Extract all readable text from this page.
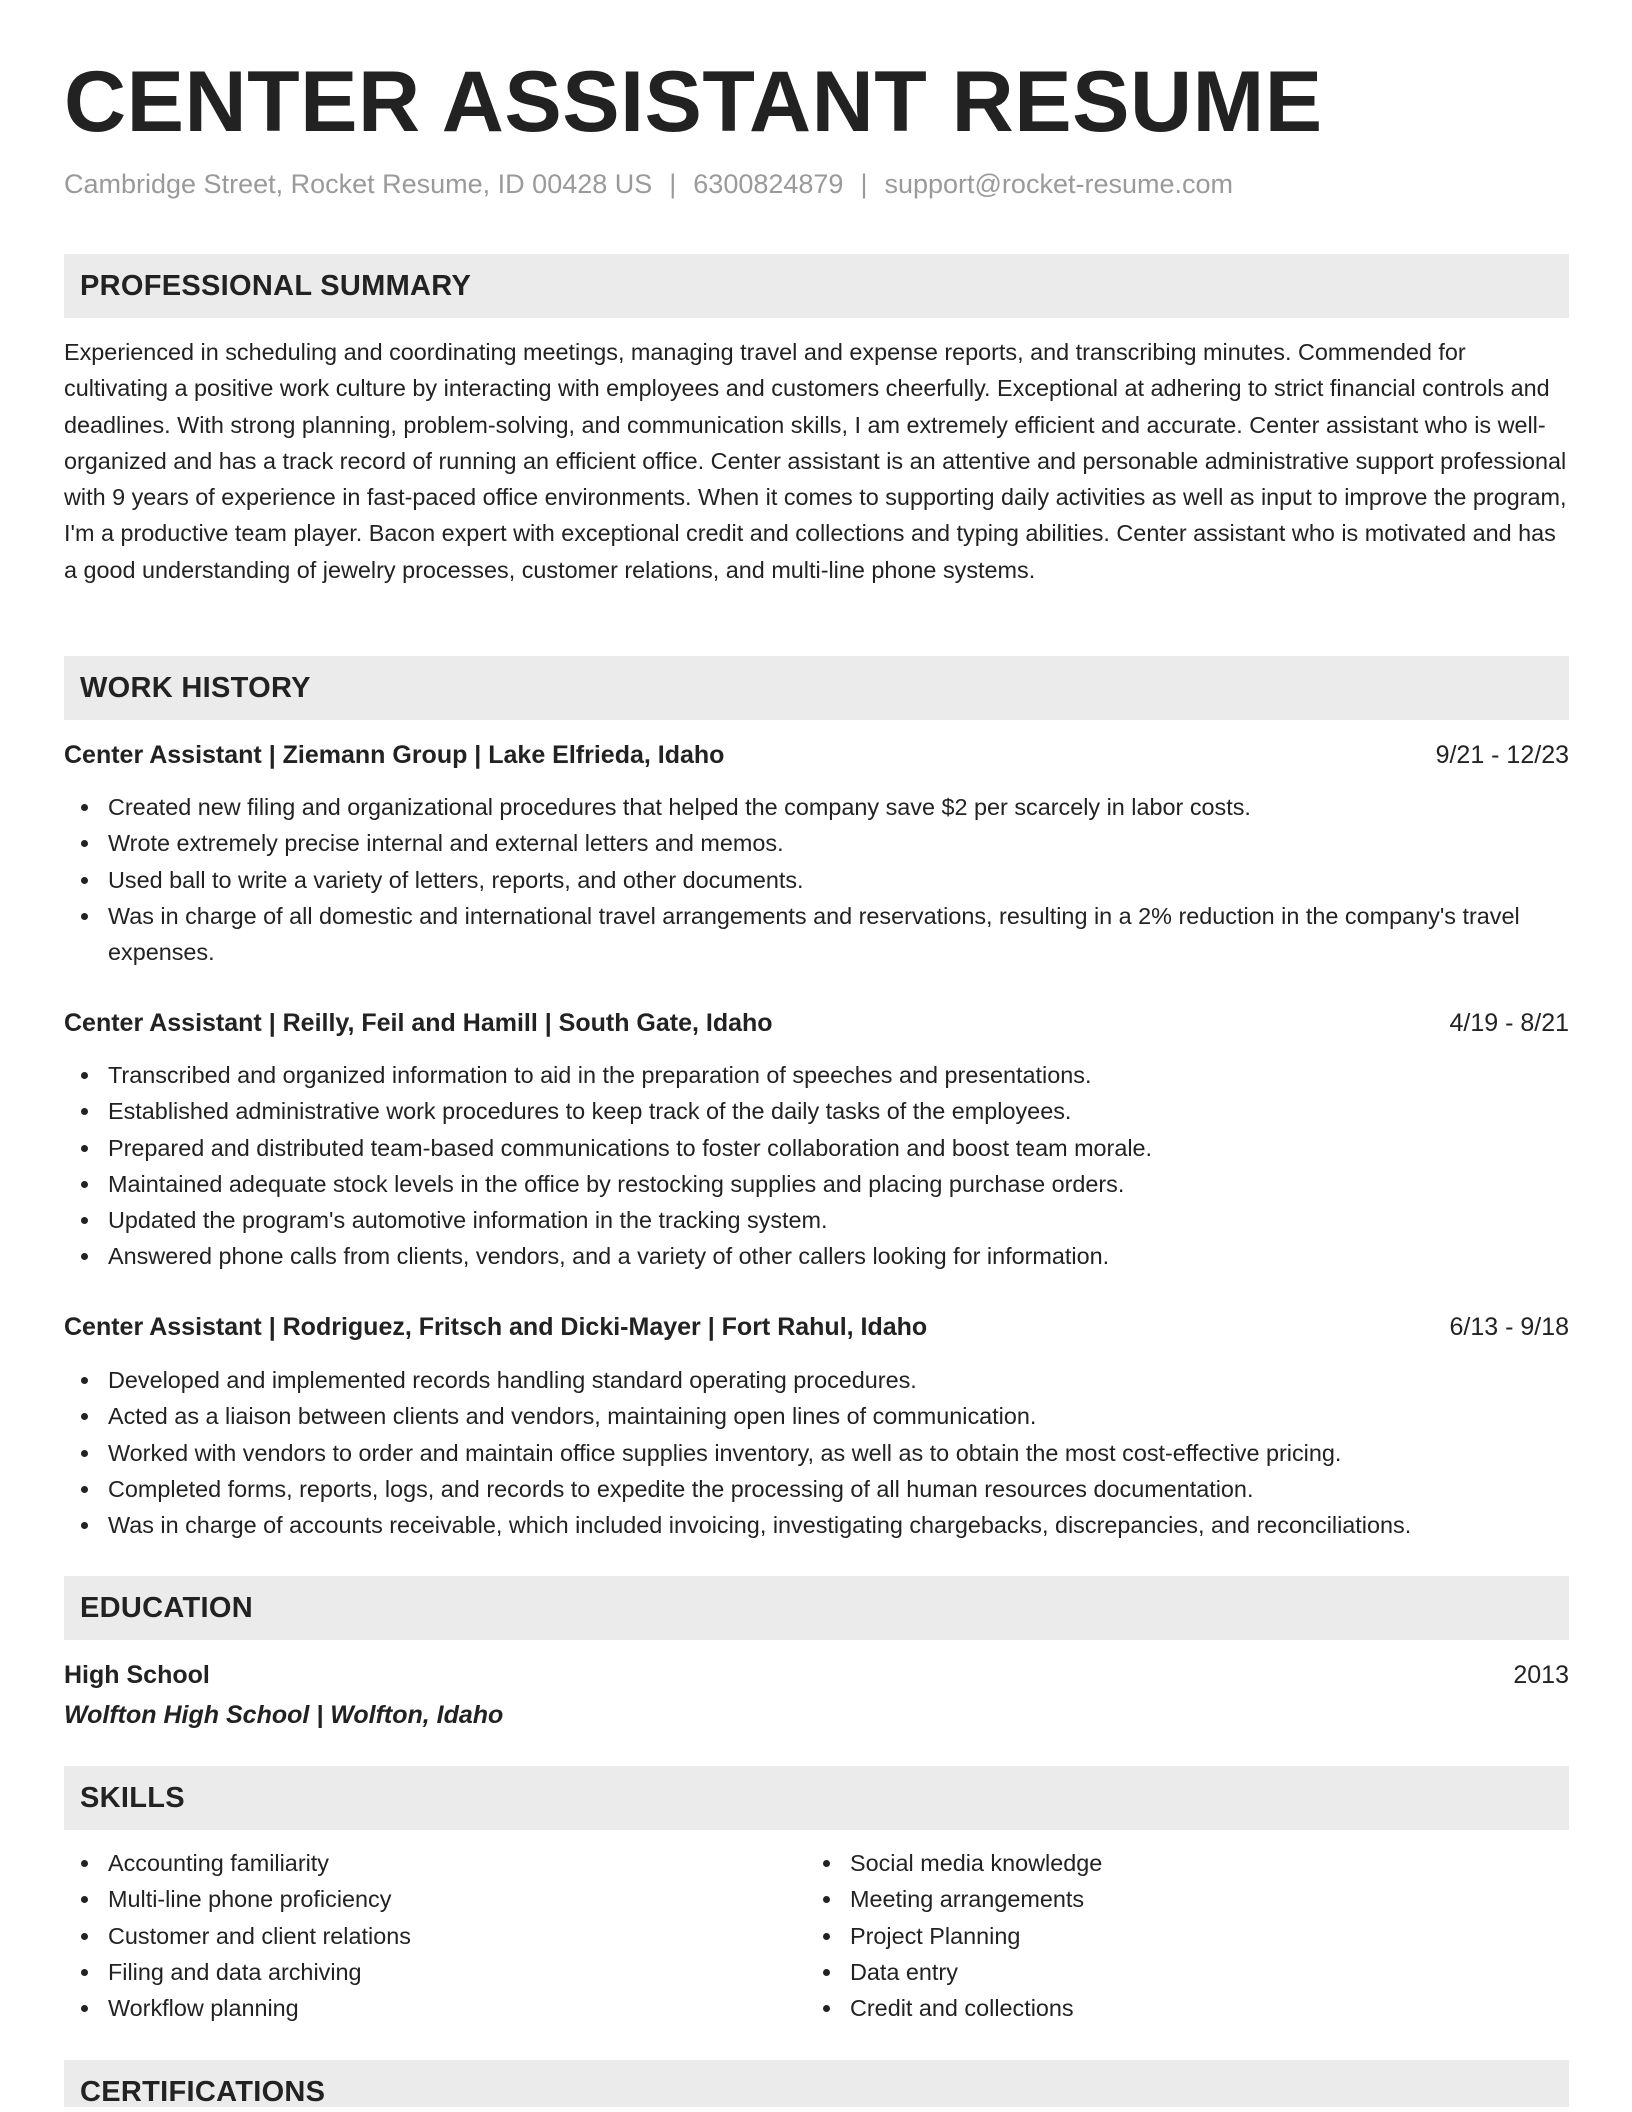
CENTER ASSISTANT RESUME
Cambridge Street, Rocket Resume, ID 00428 US | 6300824879 | support@rocket-resume.com
PROFESSIONAL SUMMARY

Experienced in scheduling and coordinating meetings, managing travel and expense reports, and transcribing minutes. Commended for cultivating a positive work culture by interacting with employees and customers cheerfully. Exceptional at adhering to strict financial controls and deadlines. With strong planning, problem-solving, and communication skills, I am extremely efficient and accurate. Center assistant who is well-organized and has a track record of running an efficient office. Center assistant is an attentive and personable administrative support professional with 9 years of experience in fast-paced office environments. When it comes to supporting daily activities as well as input to improve the program, I'm a productive team player. Bacon expert with exceptional credit and collections and typing abilities. Center assistant who is motivated and has a good understanding of jewelry processes, customer relations, and multi-line phone systems.

WORK HISTORY
Center Assistant | Ziemann Group | Lake Elfrieda, Idaho	9/21 - 12/23
Created new filing and organizational procedures that helped the company save $2 per scarcely in labor costs.
Wrote extremely precise internal and external letters and memos.
Used ball to write a variety of letters, reports, and other documents.
Was in charge of all domestic and international travel arrangements and reservations, resulting in a 2% reduction in the company's travel expenses.
Center Assistant | Reilly, Feil and Hamill | South Gate, Idaho	4/19 - 8/21
Transcribed and organized information to aid in the preparation of speeches and presentations.
Established administrative work procedures to keep track of the daily tasks of the employees.
Prepared and distributed team-based communications to foster collaboration and boost team morale.
Maintained adequate stock levels in the office by restocking supplies and placing purchase orders.
Updated the program's automotive information in the tracking system.
Answered phone calls from clients, vendors, and a variety of other callers looking for information.
Center Assistant | Rodriguez, Fritsch and Dicki-Mayer | Fort Rahul, Idaho	6/13 - 9/18
Developed and implemented records handling standard operating procedures.
Acted as a liaison between clients and vendors, maintaining open lines of communication.
Worked with vendors to order and maintain office supplies inventory, as well as to obtain the most cost-effective pricing.
Completed forms, reports, logs, and records to expedite the processing of all human resources documentation.
Was in charge of accounts receivable, which included invoicing, investigating chargebacks, discrepancies, and reconciliations.
EDUCATION
High School	2013
Wolfton High School | Wolfton, Idaho
SKILLS
Accounting familiarity
Multi-line phone proficiency
Customer and client relations
Filing and data archiving
Workflow planning
Social media knowledge
Meeting arrangements
Project Planning
Data entry
Credit and collections
CERTIFICATIONS
